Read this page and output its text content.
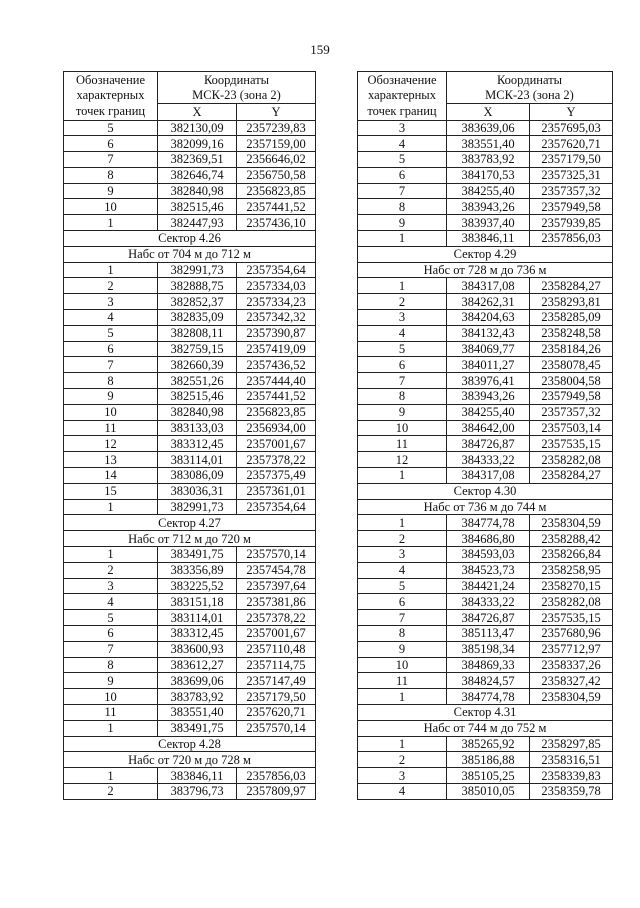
159
Обозначение
характерных
точек границ	Координаты	
	МСК-23 (зона 2)	
	X	Y
5	382130,09	2357239,83
6	382099,16	2357159,00
7	382369,51	2356646,02
8	382646,74	2356750,58
9	382840,98	2356823,85
10	382515,46	2357441,52
1	382447,93	2357436,10
Сектор 4.26		
Набс от 704 м до 712 м		
1	382991,73	2357354,64
2	382888,75	2357334,03
3	382852,37	2357334,23
4	382835,09	2357342,32
5	382808,11	2357390,87
6	382759,15	2357419,09
7	382660,39	2357436,52
8	382551,26	2357444,40
9	382515,46	2357441,52
10	382840,98	2356823,85
11	383133,03	2356934,00
12	383312,45	2357001,67
13	383114,01	2357378,22
14	383086,09	2357375,49
15	383036,31	2357361,01
1	382991,73	2357354,64
Сектор 4.27		
Набс от 712 м до 720 м		
1	383491,75	2357570,14
2	383356,89	2357454,78
3	383225,52	2357397,64
4	383151,18	2357381,86
5	383114,01	2357378,22
6	383312,45	2357001,67
7	383600,93	2357110,48
8	383612,27	2357114,75
9	383699,06	2357147,49
10	383783,92	2357179,50
11	383551,40	2357620,71
1	383491,75	2357570,14
Сектор 4.28		
Набс от 720 м до 728 м		
1	383846,11	2357856,03
2	383796,73	2357809,97
Обозначение
характерных
точек границ	Координаты	
	МСК-23 (зона 2)	
	X	Y
3	383639,06	2357695,03
4	383551,40	2357620,71
5	383783,92	2357179,50
6	384170,53	2357325,31
7	384255,40	2357357,32
8	383943,26	2357949,58
9	383937,40	2357939,85
1	383846,11	2357856,03
Сектор 4.29		
Набс от 728 м до 736 м		
1	384317,08	2358284,27
2	384262,31	2358293,81
3	384204,63	2358285,09
4	384132,43	2358248,58
5	384069,77	2358184,26
6	384011,27	2358078,45
7	383976,41	2358004,58
8	383943,26	2357949,58
9	384255,40	2357357,32
10	384642,00	2357503,14
11	384726,87	2357535,15
12	384333,22	2358282,08
1	384317,08	2358284,27
Сектор 4.30		
Набс от 736 м до 744 м		
1	384774,78	2358304,59
2	384686,80	2358288,42
3	384593,03	2358266,84
4	384523,73	2358258,95
5	384421,24	2358270,15
6	384333,22	2358282,08
7	384726,87	2357535,15
8	385113,47	2357680,96
9	385198,34	2357712,97
10	384869,33	2358337,26
11	384824,57	2358327,42
1	384774,78	2358304,59
Сектор 4.31		
Набс от 744 м до 752 м		
1	385265,92	2358297,85
2	385186,88	2358316,51
3	385105,25	2358339,83
4	385010,05	2358359,78
